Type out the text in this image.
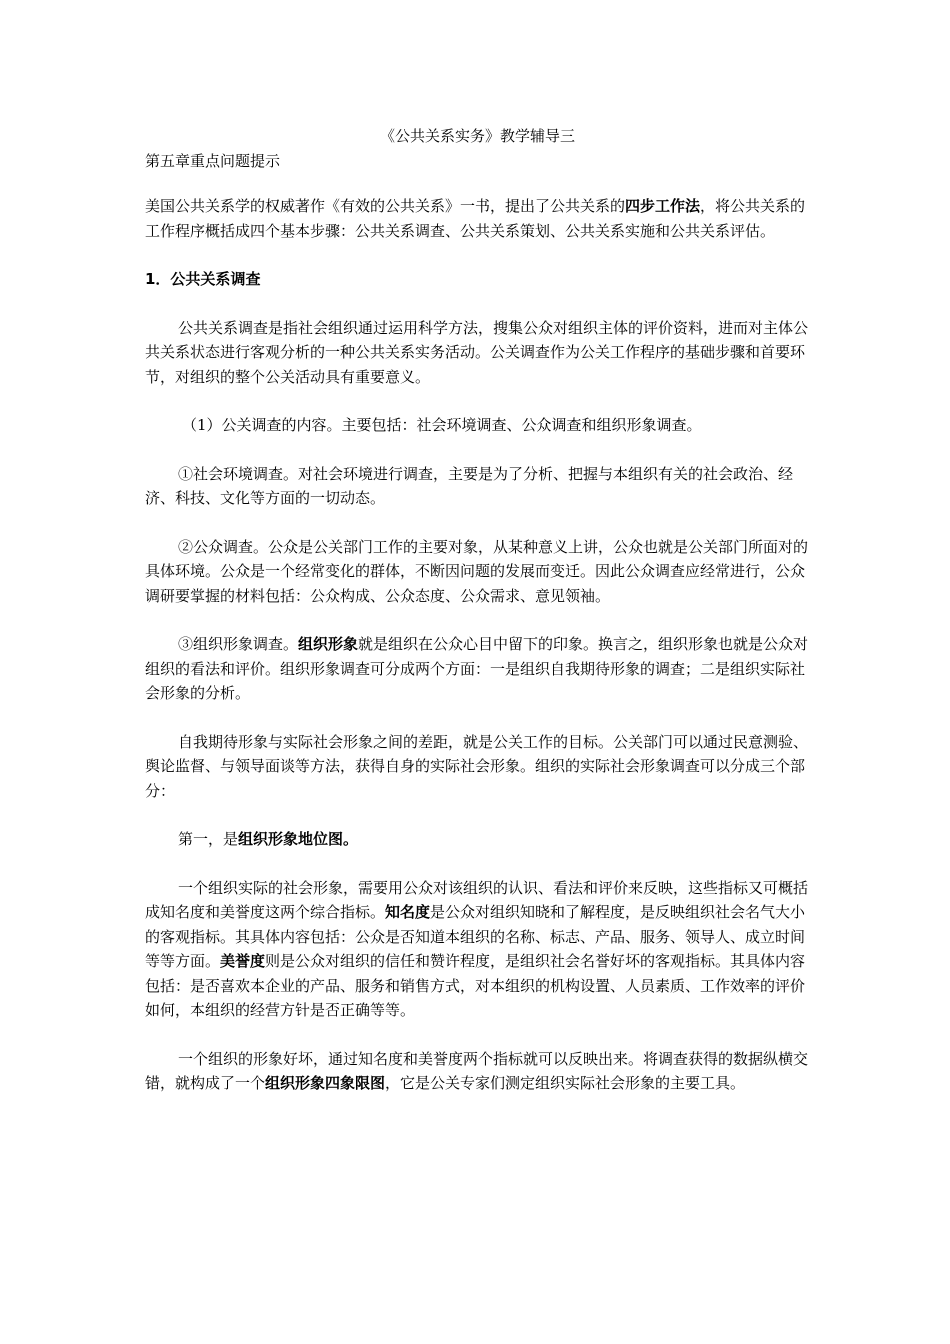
《公共关系实务》教学辅导三

第五章重点问题提示

美国公共关系学的权威著作《有效的公共关系》一书，提出了公共关系的四步工作法，将公共关系的工作程序概括成四个基本步骤：公共关系调查、公共关系策划、公共关系实施和公共关系评估。

1．公共关系调查

公共关系调查是指社会组织通过运用科学方法，搜集公众对组织主体的评价资料，进而对主体公共关系状态进行客观分析的一种公共关系实务活动。公关调查作为公关工作程序的基础步骤和首要环节，对组织的整个公关活动具有重要意义。

（1）公关调查的内容。主要包括：社会环境调查、公众调查和组织形象调查。

①社会环境调查。对社会环境进行调查，主要是为了分析、把握与本组织有关的社会政治、经济、科技、文化等方面的一切动态。

②公众调查。公众是公关部门工作的主要对象，从某种意义上讲，公众也就是公关部门所面对的具体环境。公众是一个经常变化的群体，不断因问题的发展而变迁。因此公众调查应经常进行，公众调研要掌握的材料包括：公众构成、公众态度、公众需求、意见领袖。

③组织形象调查。组织形象就是组织在公众心目中留下的印象。换言之，组织形象也就是公众对组织的看法和评价。组织形象调查可分成两个方面：一是组织自我期待形象的调查；二是组织实际社会形象的分析。

自我期待形象与实际社会形象之间的差距，就是公关工作的目标。公关部门可以通过民意测验、舆论监督、与领导面谈等方法，获得自身的实际社会形象。组织的实际社会形象调查可以分成三个部分：

第一，是组织形象地位图。

一个组织实际的社会形象，需要用公众对该组织的认识、看法和评价来反映，这些指标又可概括成知名度和美誉度这两个综合指标。知名度是公众对组织知晓和了解程度，是反映组织社会名气大小的客观指标。其具体内容包括：公众是否知道本组织的名称、标志、产品、服务、领导人、成立时间等等方面。美誉度则是公众对组织的信任和赞许程度，是组织社会名誉好坏的客观指标。其具体内容包括：是否喜欢本企业的产品、服务和销售方式，对本组织的机构设置、人员素质、工作效率的评价如何，本组织的经营方针是否正确等等。

一个组织的形象好坏，通过知名度和美誉度两个指标就可以反映出来。将调查获得的数据纵横交错，就构成了一个组织形象四象限图，它是公关专家们测定组织实际社会形象的主要工具。
